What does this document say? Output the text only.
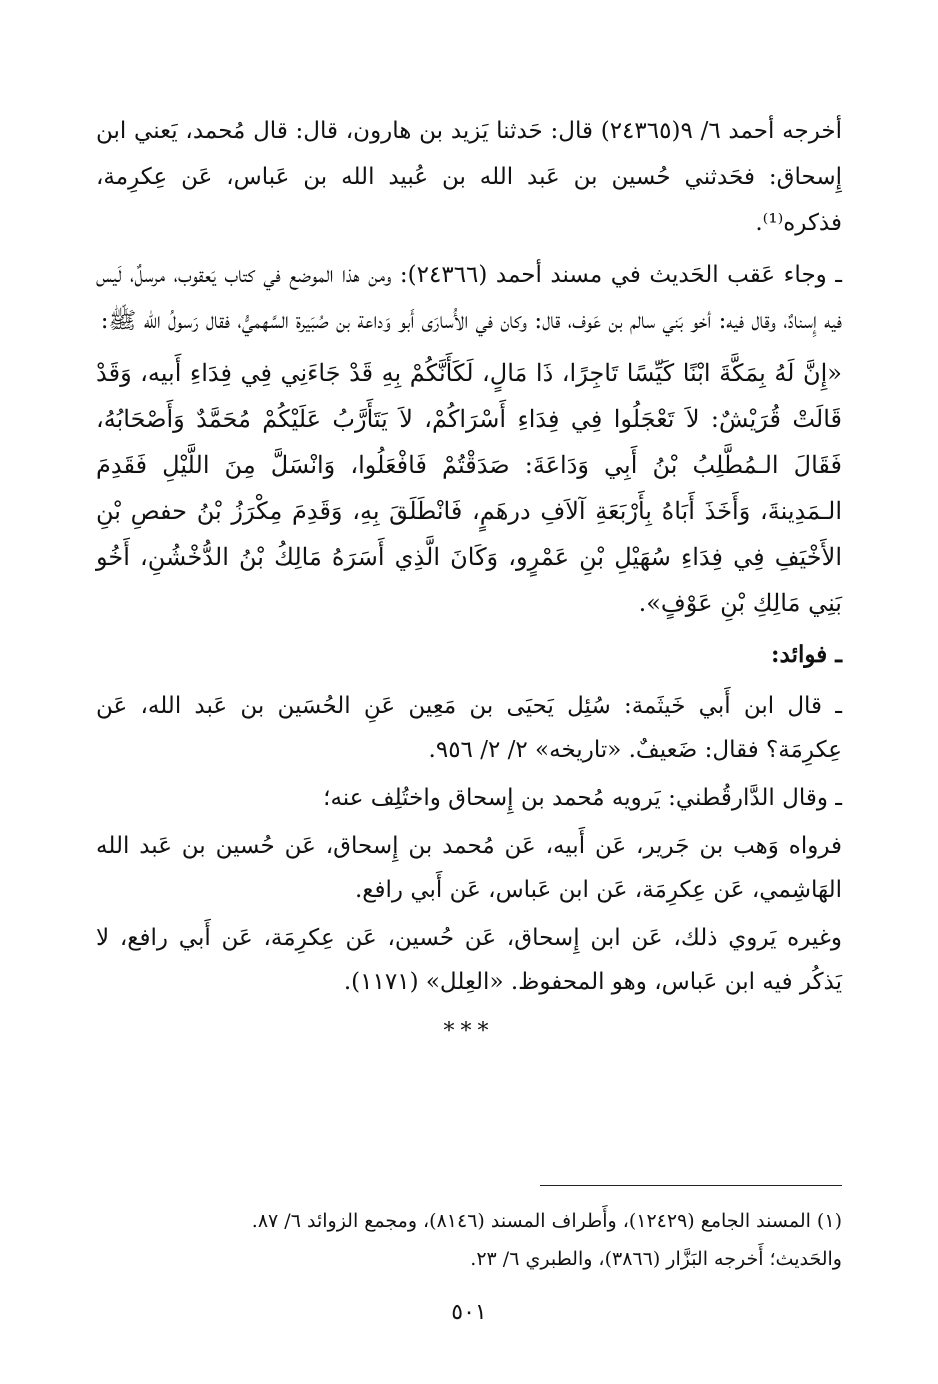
أخرجه أحمد ٦/ ٩(٢٤٣٦٥) قال: حَدثنا يَزيد بن هارون، قال: قال مُحمد، يَعني ابن إِسحاق: فحَدثني حُسين بن عَبد الله بن عُبيد الله بن عَباس، عَن عِكرِمة، فذكره⁽¹⁾.

ـ وجاء عَقب الحَديث في مسند أحمد (٢٤٣٦٦): ومن هذا الموضع في كتاب يَعقوب، مرسلٌ، لَيس فيه إِسنادٌ، وقال فيه: أخو بَني سالم بن عَوف، قال: وكان في الأُسارَى أَبو وَداعة بن صُبَيرة السَّهميُّ، فقال رَسولُ الله ﷺ:

«إِنَّ لَهُ بِمَكَّةَ ابْنًا كَيِّسًا تَاجِرًا، ذَا مَالٍ، لَكَأَنَّكُمْ بِهِ قَدْ جَاءَنِي فِي فِدَاءِ أَبيه، وَقَدْ قَالَتْ قُرَيْشٌ: لاَ تَعْجَلُوا فِي فِدَاءِ أَسْرَاكُمْ، لاَ يَتَأَرَّبُ عَلَيْكُمْ مُحَمَّدٌ وَأَصْحَابُهُ، فَقَالَ الـمُطَّلِبُ بْنُ أَبِي وَدَاعَةَ: صَدَقْتُمْ فَافْعَلُوا، وَانْسَلَّ مِنَ اللَّيْلِ فَقَدِمَ الـمَدِينةَ، وَأَخَذَ أَبَاهُ بِأَرْبَعَةِ آلاَفِ درهَمٍ، فَانْطَلَقَ بِهِ، وَقَدِمَ مِكْرَزُ بْنُ حفصِ بْنِ الأَخْيَفِ فِي فِدَاءِ سُهَيْلِ بْنِ عَمْرٍو، وَكَانَ الَّذِي أَسَرَهُ مَالِكُ بْنُ الدُّخْشُنِ، أَخُو بَنِي مَالِكِ بْنِ عَوْفٍ».

ـ فوائد:

ـ قال ابن أَبي خَيثَمة: سُئِل يَحيَى بن مَعِين عَنِ الحُسَين بن عَبد الله، عَن عِكرِمَة؟ فقال: ضَعيفٌ. «تاريخه» ٢/ ٢/ ٩٥٦.

ـ وقال الدَّارقُطني: يَرويه مُحمد بن إِسحاق واختُلِف عنه؛

فرواه وَهب بن جَرير، عَن أَبيه، عَن مُحمد بن إِسحاق، عَن حُسين بن عَبد الله الهَاشِمي، عَن عِكرِمَة، عَن ابن عَباس، عَن أَبي رافع.

وغيره يَروي ذلك، عَن ابن إِسحاق، عَن حُسين، عَن عِكرِمَة، عَن أَبي رافع، لا يَذكُر فيه ابن عَباس، وهو المحفوظ. «العِلل» (١١٧١).

***

(١) المسند الجامع (١٢٤٢٩)، وأَطراف المسند (٨١٤٦)، ومجمع الزوائد ٦/ ٨٧.

والحَديث؛ أَخرجه البَزَّار (٣٨٦٦)، والطبري ٦/ ٢٣.

٥٠١
